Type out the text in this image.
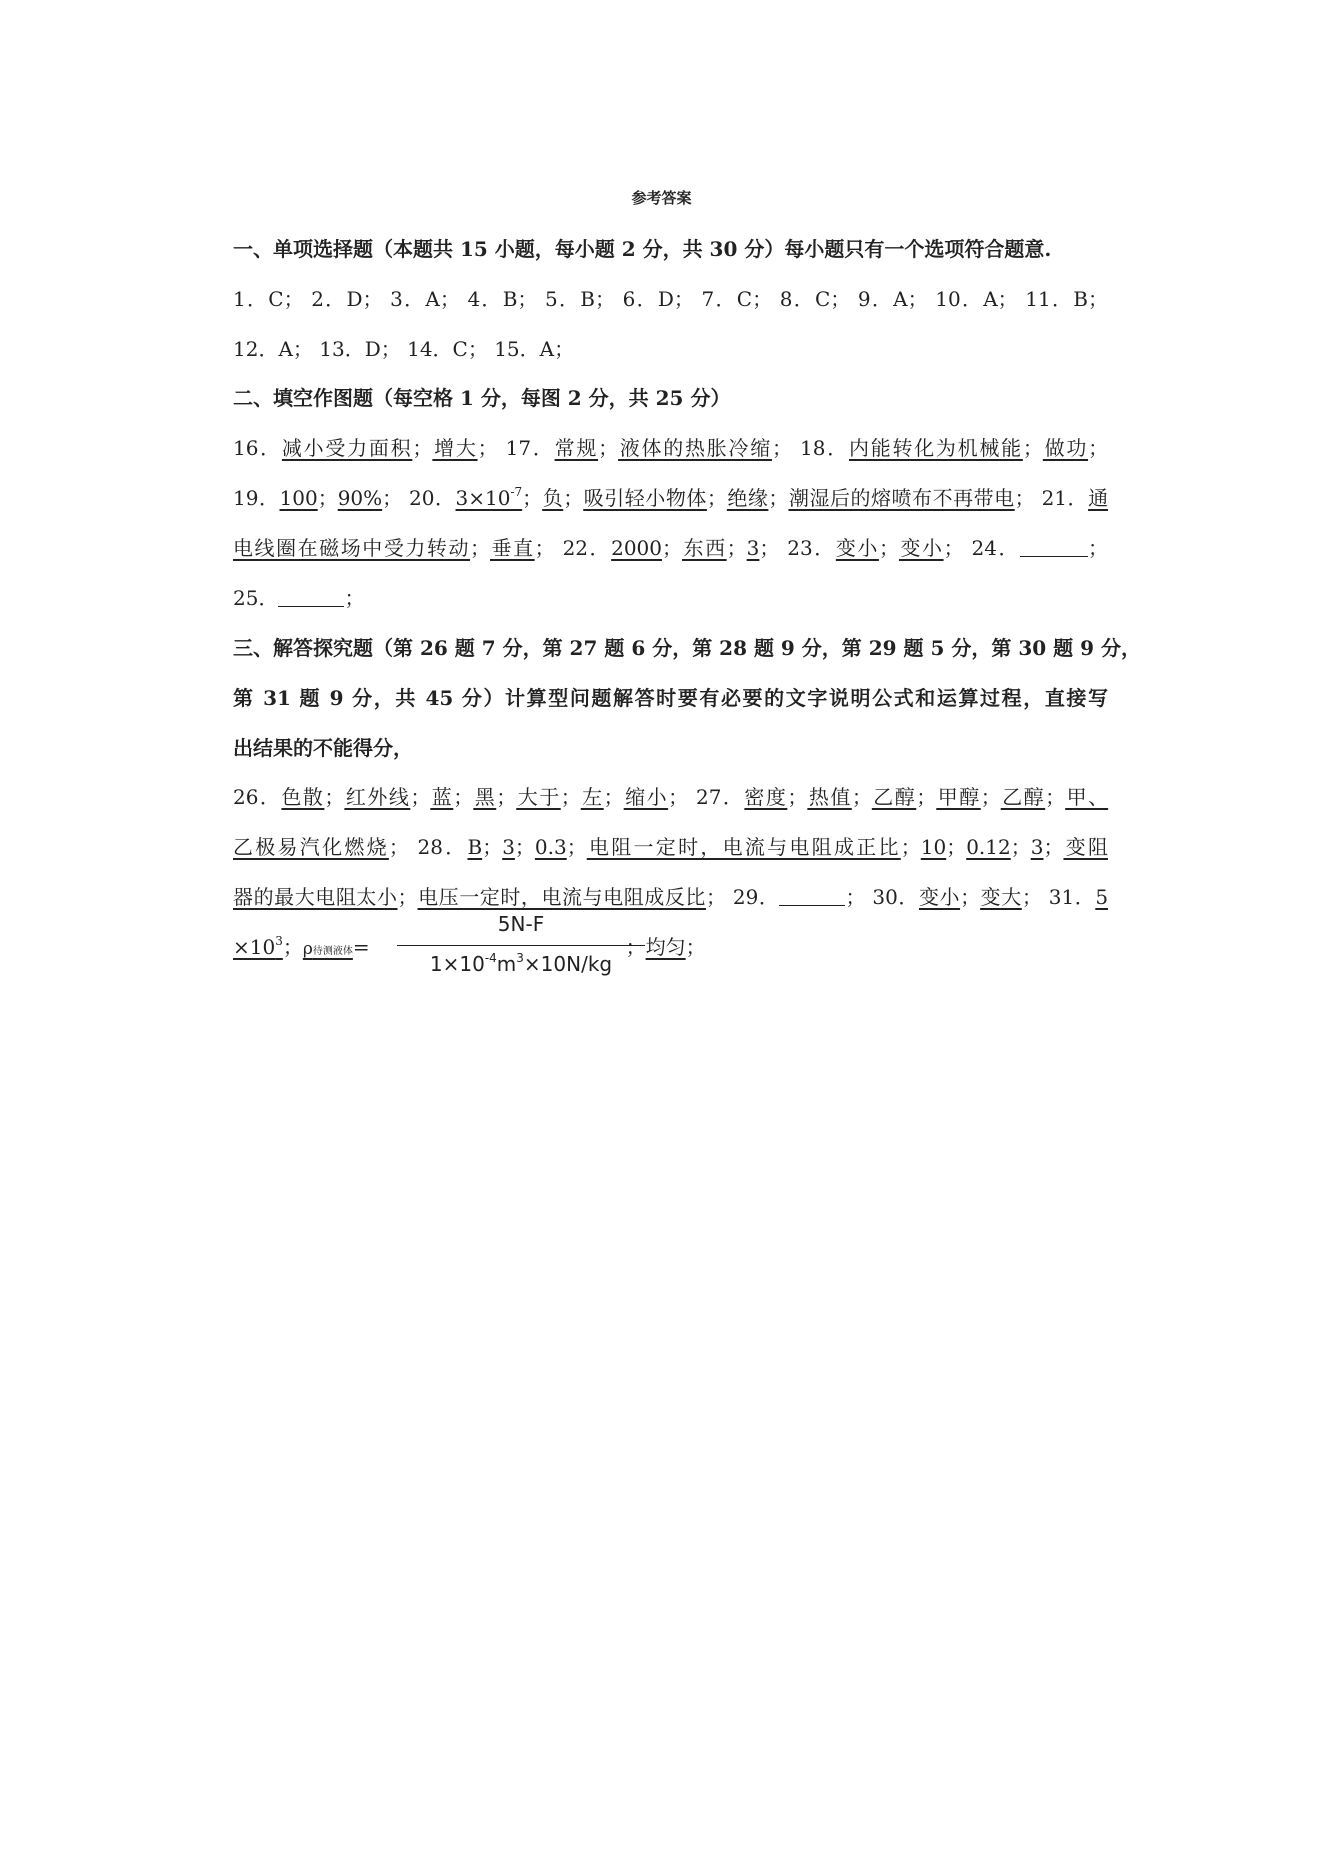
参考答案
一、单项选择题（本题共 15 小题，每小题 2 分，共 30 分）每小题只有一个选项符合题意.
1．C； 2．D； 3．A； 4．B； 5．B； 6．D； 7．C； 8．C； 9．A； 10．A； 11．B；
12．A； 13．D； 14．C； 15．A；
二、填空作图题（每空格 1 分，每图 2 分，共 25 分）
16．减小受力面积；增大； 17．常规；液体的热胀冷缩； 18．内能转化为机械能；做功；
19．100；90%； 20．$3\times 10^{-7}$；负；吸引轻小物体；绝缘；潮湿后的熔喷布不再带电； 21．通
电线圈在磁场中受力转动；垂直； 22．2000；东西；3； 23．变小；变小； 24．	；
25．	；
三、解答探究题（第 26 题 7 分，第 27 题 6 分，第 28 题 9 分，第 29 题 5 分，第 30 题 9 分，
第 31 题 9 分，共 45 分）计算型问题解答时要有必要的文字说明公式和运算过程，直接写
出结果的不能得分，
26．色散；红外线；蓝；黑；大于；左；缩小； 27．密度；热值；乙醇；甲醇；乙醇；甲、
乙极易汽化燃烧； 28．B；3；0.3；电阻一定时，电流与电阻成正比；10；0.12；3；变阻
器的最大电阻太小；电压一定时，电流与电阻成反比； 29．	； 30．变小；变大； 31．5
$\times 10^3$；ρ待测液体=	；均匀；
5N-F
$1\times 10^{-4}m^3\times 10N/kg$
